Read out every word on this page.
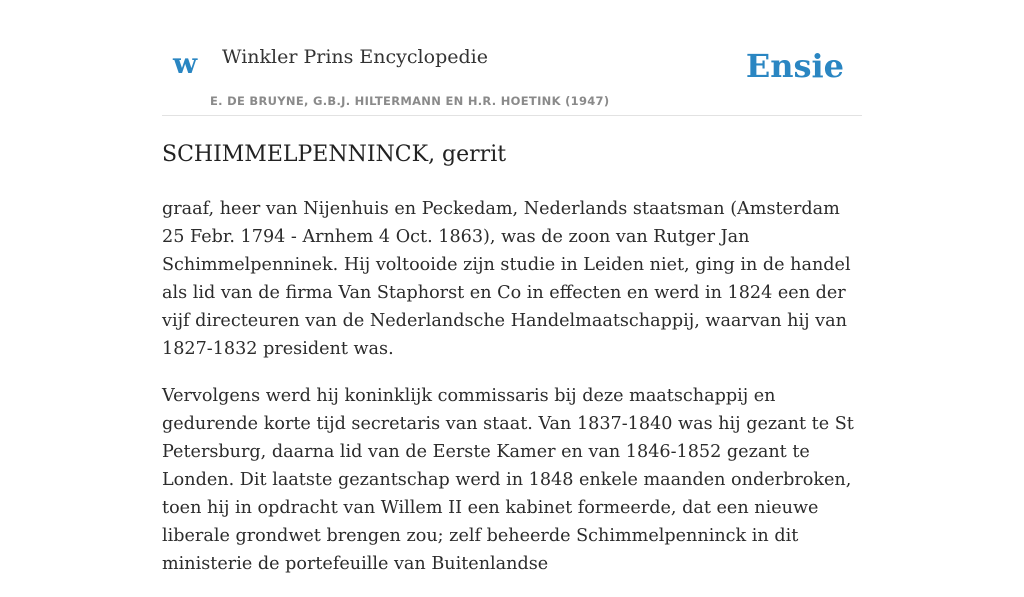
w Winkler Prins Encyclopedie
E. DE BRUYNE, G.B.J. HILTERMANN EN H.R. HOETINK (1947)
Ensie
SCHIMMELPENNINCK, gerrit

graaf, heer van Nijenhuis en Peckedam, Nederlands staatsman (Amsterdam 25 Febr. 1794 - Arnhem 4 Oct. 1863), was de zoon van Rutger Jan Schimmelpenninek. Hij voltooide zijn studie in Leiden niet, ging in de handel als lid van de firma Van Staphorst en Co in effecten en werd in 1824 een der vijf directeuren van de Nederlandsche Handelmaatschappij, waarvan hij van 1827-1832 president was.

Vervolgens werd hij koninklijk commissaris bij deze maatschappij en gedurende korte tijd secretaris van staat. Van 1837-1840 was hij gezant te St Petersburg, daarna lid van de Eerste Kamer en van 1846-1852 gezant te Londen. Dit laatste gezantschap werd in 1848 enkele maanden onderbroken, toen hij in opdracht van Willem II een kabinet formeerde, dat een nieuwe liberale grondwet brengen zou; zelf beheerde Schimmelpenninck in dit ministerie de portefeuille van Buitenlandse
